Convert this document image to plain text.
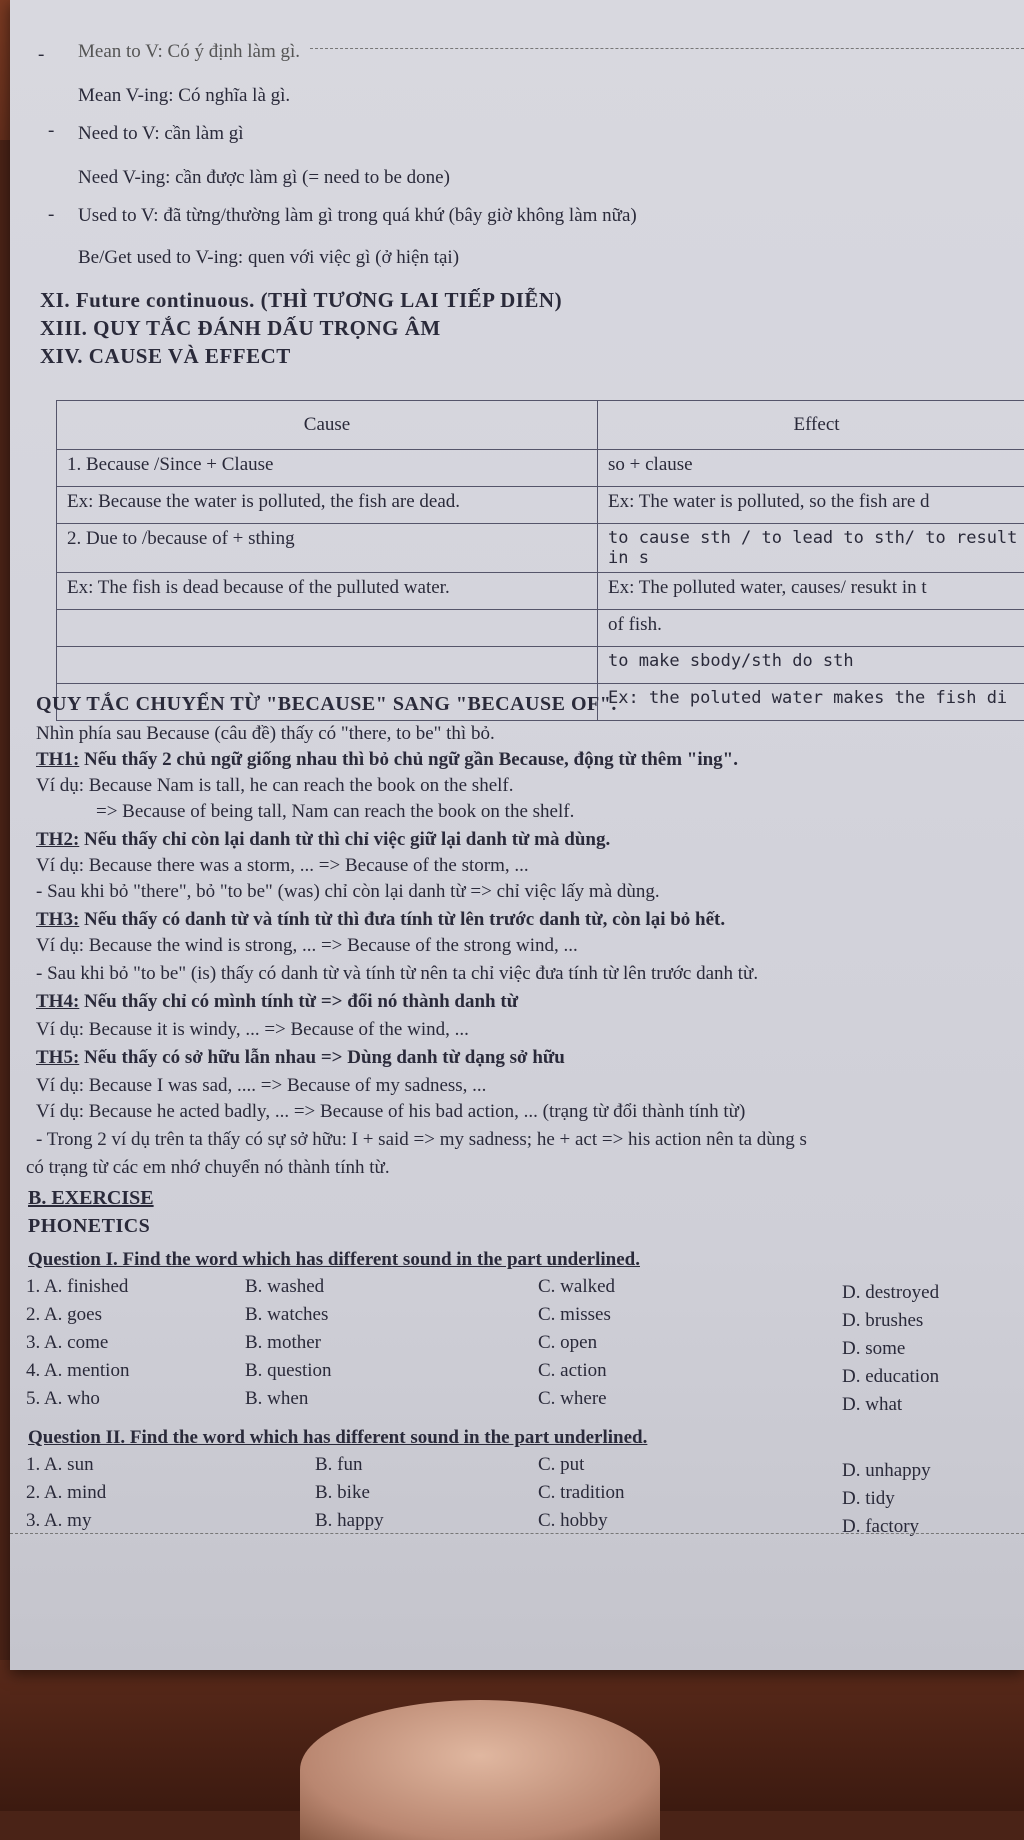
- Mean to V: Có ý định làm gì.
Mean V-ing: Có nghĩa là gì.
- Need to V: cần làm gì
Need V-ing: cần được làm gì (= need to be done)
- Used to V: đã từng/thường làm gì trong quá khứ (bây giờ không làm nữa)
Be/Get used to V-ing: quen với việc gì (ở hiện tại)
XI. Future continuous. (THÌ TƯƠNG LAI TIẾP DIỄN)
XIII. QUY TẮC ĐÁNH DẤU TRỌNG ÂM
XIV. CAUSE VÀ EFFECT
Cause	Effect
1. Because /Since + Clause	so + clause
Ex: Because the water is polluted, the fish are dead.	Ex: The water is polluted, so the fish are d
2. Due to /because of + sthing	to cause sth / to lead to sth/ to result in s
Ex: The fish is dead because of the pulluted water.	Ex: The polluted water, causes/ resukt in t
	of fish.
	to make sbody/sth do sth
	Ex: the poluted water makes the fish di
QUY TẮC CHUYỂN TỪ "BECAUSE" SANG "BECAUSE OF".
Nhìn phía sau Because (câu đề) thấy có "there, to be" thì bỏ.
TH1: Nếu thấy 2 chủ ngữ giống nhau thì bỏ chủ ngữ gần Because, động từ thêm "ing".
Ví dụ: Because Nam is tall, he can reach the book on the shelf.
=> Because of being tall, Nam can reach the book on the shelf.
TH2: Nếu thấy chỉ còn lại danh từ thì chỉ việc giữ lại danh từ mà dùng.
Ví dụ: Because there was a storm, ... => Because of the storm, ...
- Sau khi bỏ "there", bỏ "to be" (was) chỉ còn lại danh từ => chỉ việc lấy mà dùng.
TH3: Nếu thấy có danh từ và tính từ thì đưa tính từ lên trước danh từ, còn lại bỏ hết.
Ví dụ: Because the wind is strong, ... => Because of the strong wind, ...
- Sau khi bỏ "to be" (is) thấy có danh từ và tính từ nên ta chỉ việc đưa tính từ lên trước danh từ.
TH4: Nếu thấy chỉ có mình tính từ => đổi nó thành danh từ
Ví dụ: Because it is windy, ... => Because of the wind, ...
TH5: Nếu thấy có sở hữu lẫn nhau => Dùng danh từ dạng sở hữu
Ví dụ: Because I was sad, .... => Because of my sadness, ...
Ví dụ: Because he acted badly, ... => Because of his bad action, ... (trạng từ đổi thành tính từ)
- Trong 2 ví dụ trên ta thấy có sự sở hữu: I + said => my sadness; he + act => his action nên ta dùng s
có trạng từ các em nhớ chuyển nó thành tính từ.
B. EXERCISE
PHONETICS
Question I. Find the word which has different sound in the part underlined.
1. A. finished	B. washed	C. walked	D. destroyed
2. A. goes	B. watches	C. misses	D. brushes
3. A. come	B. mother	C. open	D. some
4. A. mention	B. question	C. action	D. education
5. A. who	B. when	C. where	D. what
Question II. Find the word which has different sound in the part underlined.
1. A. sun	B. fun	C. put	D. unhappy
2. A. mind	B. bike	C. tradition	D. tidy
3. A. my	B. happy	C. hobby	D. factory
